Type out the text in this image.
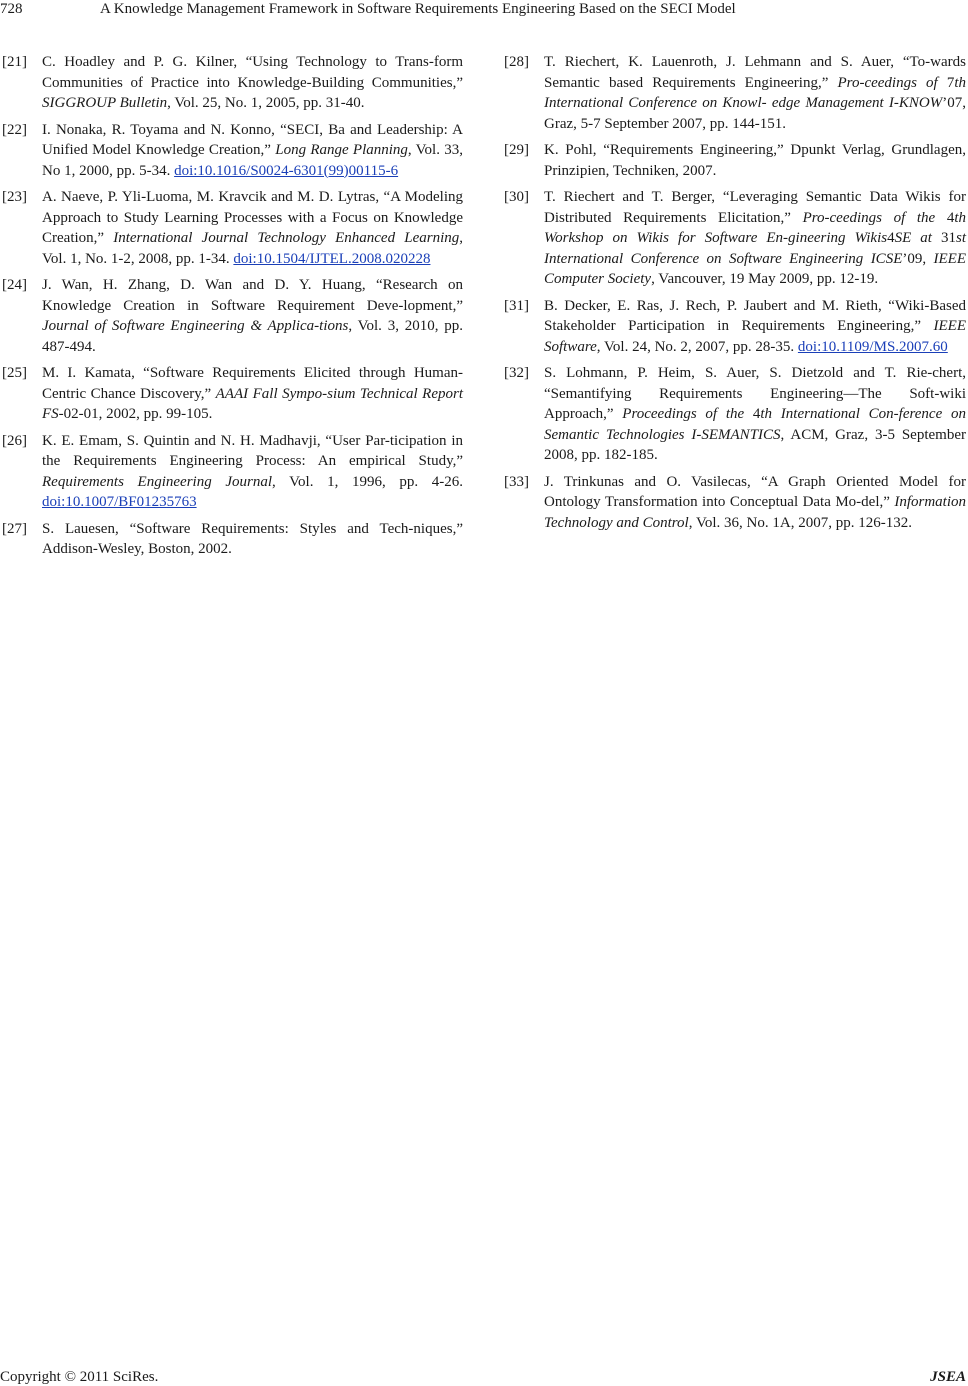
728	A Knowledge Management Framework in Software Requirements Engineering Based on the SECI Model
[21]	C. Hoadley and P. G. Kilner, “Using Technology to Trans-form Communities of Practice into Knowledge-Building Communities,” SIGGROUP Bulletin, Vol. 25, No. 1, 2005, pp. 31-40.
[22]	I. Nonaka, R. Toyama and N. Konno, “SECI, Ba and Leadership: A Unified Model Knowledge Creation,” Long Range Planning, Vol. 33, No 1, 2000, pp. 5-34. doi:10.1016/S0024-6301(99)00115-6
[23]	A. Naeve, P. Yli-Luoma, M. Kravcik and M. D. Lytras, “A Modeling Approach to Study Learning Processes with a Focus on Knowledge Creation,” International Journal Technology Enhanced Learning, Vol. 1, No. 1-2, 2008, pp. 1-34. doi:10.1504/IJTEL.2008.020228
[24]	J. Wan, H. Zhang, D. Wan and D. Y. Huang, “Research on Knowledge Creation in Software Requirement Deve-lopment,” Journal of Software Engineering & Applica-tions, Vol. 3, 2010, pp. 487-494.
[25]	M. I. Kamata, “Software Requirements Elicited through Human-Centric Chance Discovery,” AAAI Fall Sympo-sium Technical Report FS-02-01, 2002, pp. 99-105.
[26]	K. E. Emam, S. Quintin and N. H. Madhavji, “User Par-ticipation in the Requirements Engineering Process: An empirical Study,” Requirements Engineering Journal, Vol. 1, 1996, pp. 4-26. doi:10.1007/BF01235763
[27]	S. Lauesen, “Software Requirements: Styles and Tech-niques,” Addison-Wesley, Boston, 2002.
[28]	T. Riechert, K. Lauenroth, J. Lehmann and S. Auer, “To-wards Semantic based Requirements Engineering,” Pro-ceedings of 7th International Conference on Knowl- edge Management I-KNOW’07, Graz, 5-7 September 2007, pp. 144-151.
[29]	K. Pohl, “Requirements Engineering,” Dpunkt Verlag, Grundlagen, Prinzipien, Techniken, 2007.
[30]	T. Riechert and T. Berger, “Leveraging Semantic Data Wikis for Distributed Requirements Elicitation,” Pro-ceedings of the 4th Workshop on Wikis for Software En-gineering Wikis4SE at 31st International Conference on Software Engineering ICSE’09, IEEE Computer Society, Vancouver, 19 May 2009, pp. 12-19.
[31]	B. Decker, E. Ras, J. Rech, P. Jaubert and M. Rieth, “Wiki-Based Stakeholder Participation in Requirements Engineering,” IEEE Software, Vol. 24, No. 2, 2007, pp. 28-35. doi:10.1109/MS.2007.60
[32]	S. Lohmann, P. Heim, S. Auer, S. Dietzold and T. Rie-chert, “Semantifying Requirements Engineering—The Soft-wiki Approach,” Proceedings of the 4th International Con-ference on Semantic Technologies I-SEMANTICS, ACM, Graz, 3-5 September 2008, pp. 182-185.
[33]	J. Trinkunas and O. Vasilecas, “A Graph Oriented Model for Ontology Transformation into Conceptual Data Mo-del,” Information Technology and Control, Vol. 36, No. 1A, 2007, pp. 126-132.
Copyright © 2011 SciRes.	JSEA
